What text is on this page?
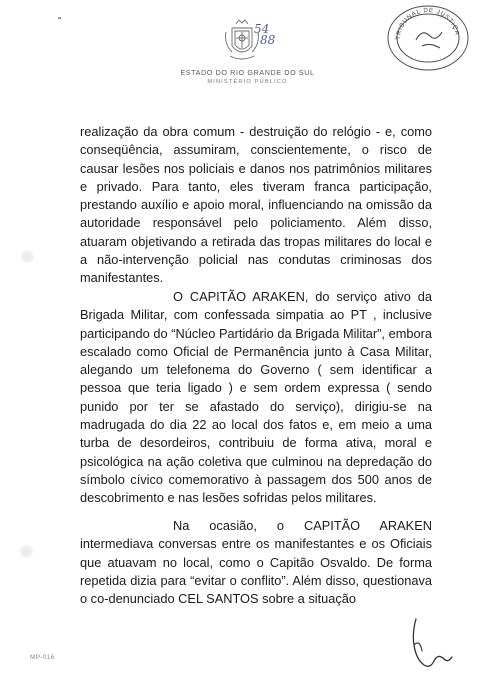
54
88
ESTADO DO RIO GRANDE DO SUL
MINISTÉRIO PÚBLICO
TRIBUNAL DE JUSTIÇA

realização da obra comum - destruição do relógio - e, como conseqüência, assumiram, conscientemente, o risco de causar lesões nos policiais e danos nos patrimônios militares e privado. Para tanto, eles tiveram franca participação, prestando auxílio e apoio moral, influenciando na omissão da autoridade responsável pelo policiamento. Além disso, atuaram objetivando a retirada das tropas militares do local e a não-intervenção policial nas condutas criminosas dos manifestantes.

O CAPITÃO ARAKEN, do serviço ativo da Brigada Militar, com confessada simpatia ao PT , inclusive participando do “Núcleo Partidário da Brigada Militar”, embora escalado como Oficial de Permanência junto à Casa Militar, alegando um telefonema do Governo ( sem identificar a pessoa que teria ligado ) e sem ordem expressa ( sendo punido por ter se afastado do serviço), dirigiu-se na madrugada do dia 22 ao local dos fatos e, em meio a uma turba de desordeiros, contribuiu de forma ativa, moral e psicológica na ação coletiva que culminou na depredação do símbolo cívico comemorativo à passagem dos 500 anos de descobrimento e nas lesões sofridas pelos militares.

Na ocasião, o CAPITÃO ARAKEN intermediava conversas entre os manifestantes e os Oficiais que atuavam no local, como o Capitão Osvaldo. De forma repetida dizia para “evitar o conflito”. Além disso, questionava o co-denunciado CEL SANTOS sobre a situação

MP-016
